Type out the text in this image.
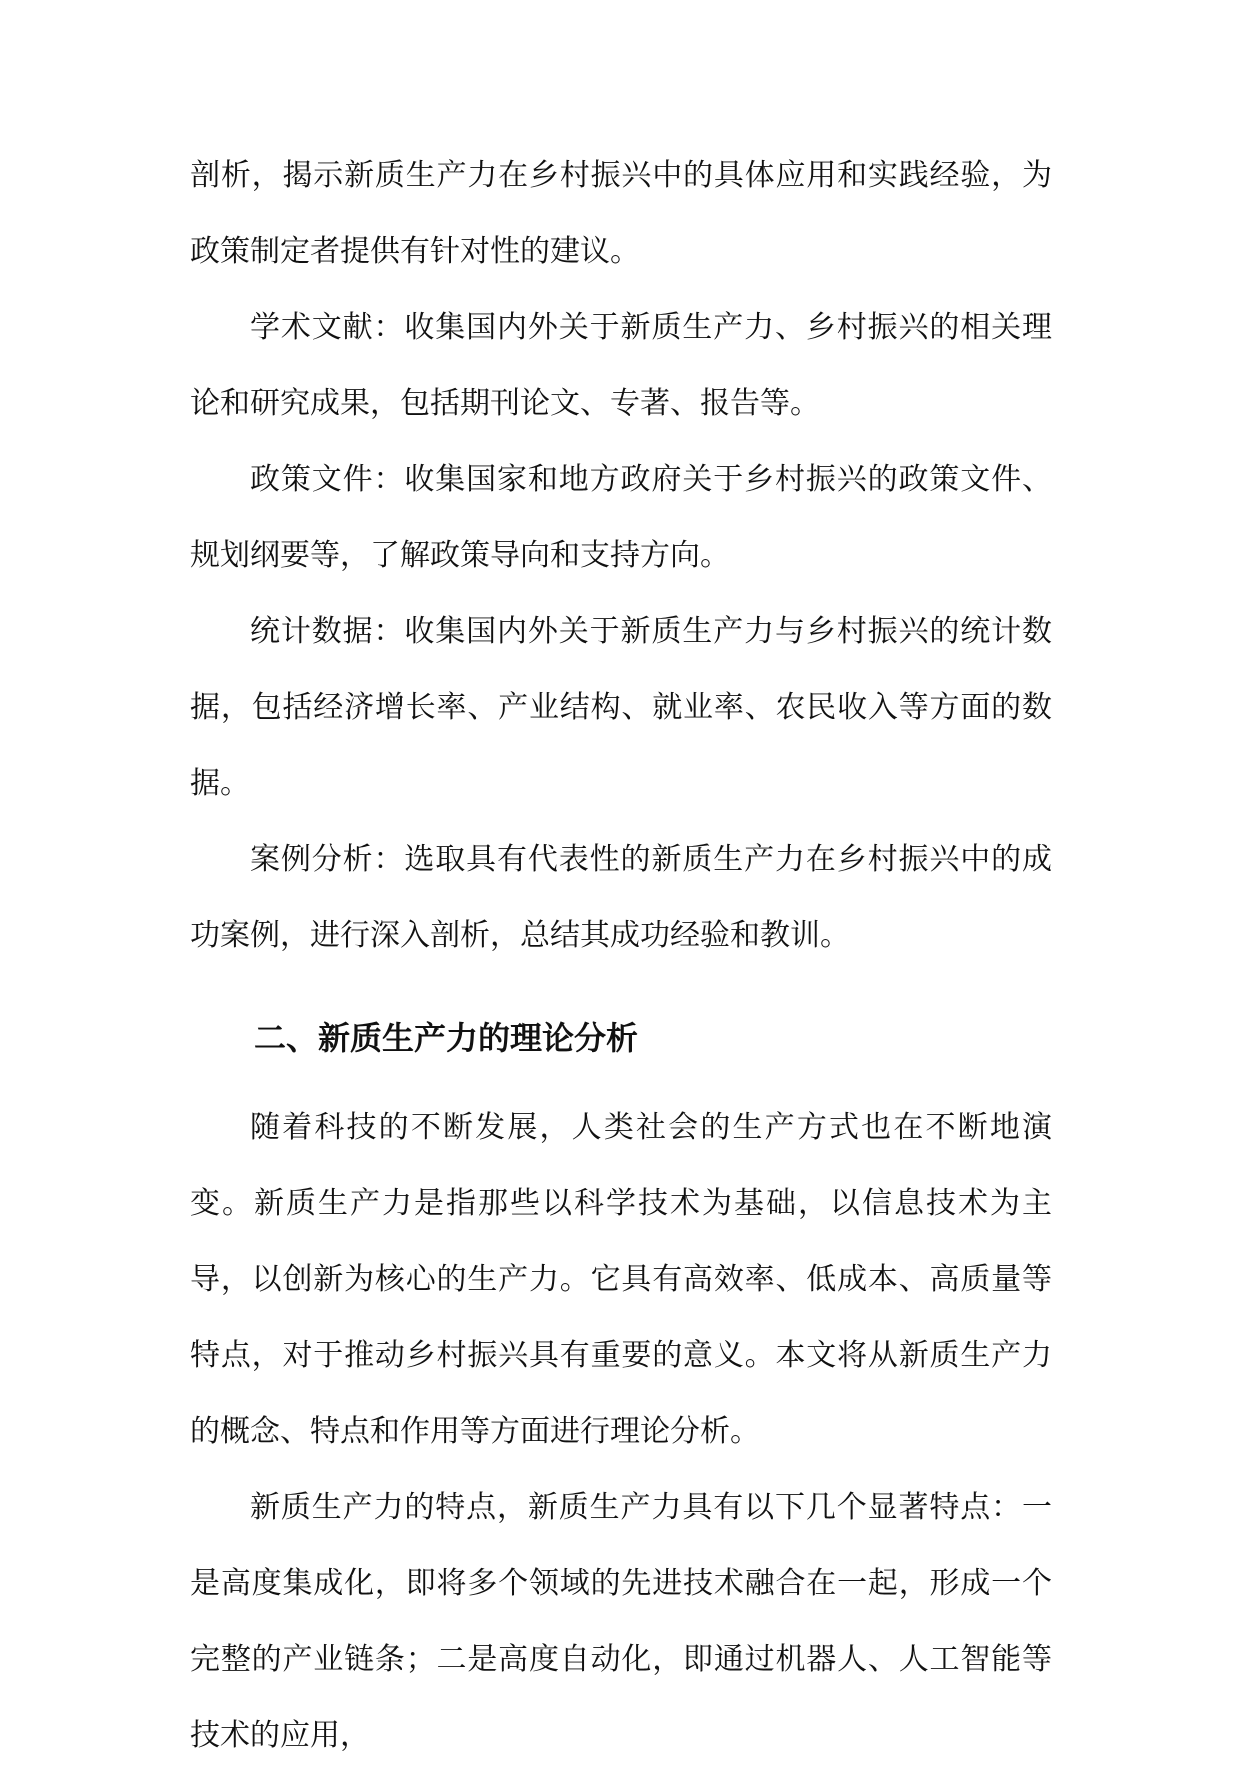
剖析，揭示新质生产力在乡村振兴中的具体应用和实践经验，为政策制定者提供有针对性的建议。

学术文献：收集国内外关于新质生产力、乡村振兴的相关理论和研究成果，包括期刊论文、专著、报告等。

政策文件：收集国家和地方政府关于乡村振兴的政策文件、规划纲要等，了解政策导向和支持方向。

统计数据：收集国内外关于新质生产力与乡村振兴的统计数据，包括经济增长率、产业结构、就业率、农民收入等方面的数据。

案例分析：选取具有代表性的新质生产力在乡村振兴中的成功案例，进行深入剖析，总结其成功经验和教训。

二、新质生产力的理论分析

随着科技的不断发展，人类社会的生产方式也在不断地演变。新质生产力是指那些以科学技术为基础，以信息技术为主导，以创新为核心的生产力。它具有高效率、低成本、高质量等特点，对于推动乡村振兴具有重要的意义。本文将从新质生产力的概念、特点和作用等方面进行理论分析。

新质生产力的特点，新质生产力具有以下几个显著特点：一是高度集成化，即将多个领域的先进技术融合在一起，形成一个完整的产业链条；二是高度自动化，即通过机器人、人工智能等技术的应用，
